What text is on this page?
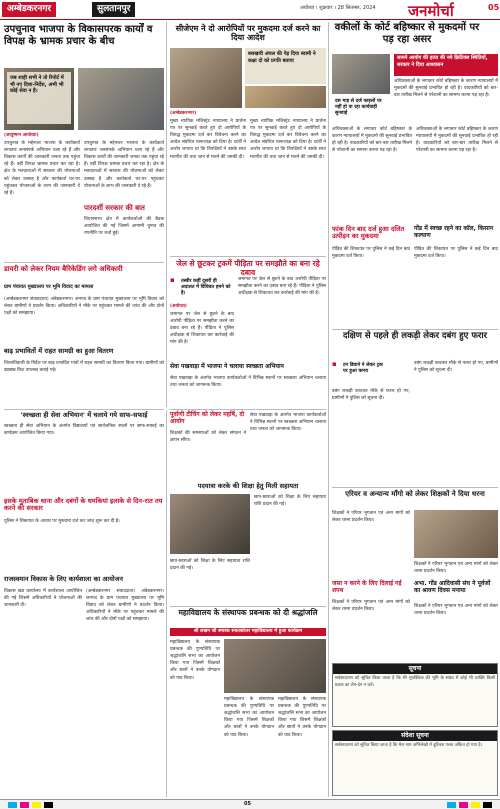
अम्बेडकरनगर	सुलतानपुर	अयोध्या । शुक्रवार । 28 सितम्बर, 2024 जनमोर्चा	05
उपचुनाव भाजपा के विकासपरक कार्यों व विपक्ष के भ्रामक प्रचार के बीच
जब शाही सभी ने तो रिपोर्ट में भी नए दिशा-निर्देश, अभी भी कोई सेवा न है।
(आयुष्मान आयोध्या)
उपचुनाव के मद्देनजर भाजपा के कार्यकर्ता लगातार जनसंपर्क अभियान चला रहे हैं और विकास कार्यों की जानकारी जनता तक पहुंचा रहे हैं। वहीं विपक्ष भ्रामक प्रचार कर रहा है। क्षेत्र के मतदाताओं में सरकार की योजनाओं को लेकर उत्साह है और कार्यकर्ता घर-घर पहुंचकर योजनाओं के लाभ की जानकारी दे रहे हैं।
उपचुनाव के मद्देनजर भाजपा के कार्यकर्ता लगातार जनसंपर्क अभियान चला रहे हैं और विकास कार्यों की जानकारी जनता तक पहुंचा रहे हैं। वहीं विपक्ष भ्रामक प्रचार कर रहा है। क्षेत्र के मतदाताओं में सरकार की योजनाओं को लेकर उत्साह है और कार्यकर्ता घर-घर पहुंचकर योजनाओं के लाभ की जानकारी दे रहे हैं।
पारदर्शी सरकार की बात
विधानसभा क्षेत्र में कार्यकर्ताओं की बैठक आयोजित की गई जिसमें आगामी चुनाव की रणनीति पर चर्चा हुई।
डायरी को लेकर नियम बैरिकेडिंग लगे अधिकारी
ग्राम पंचायत मुख्यालय पर भूमि विवाद का मामला
(अम्बेडकरनगर संवाददाता) अंबेडकरनगर। जनपद के ग्राम पंचायत मुख्यालय पर भूमि विवाद को लेकर ग्रामीणों ने प्रदर्शन किया। अधिकारियों ने मौके पर पहुंचकर मामले की जांच की और दोनों पक्षों को समझाया।
बाढ़ प्रभावितों में राहत सामग्री का हुआ वितरण
जिलाधिकारी के निर्देश पर बाढ़ प्रभावित गांवों में राहत सामग्री का वितरण किया गया। ग्रामीणों को खाद्यान्न किट उपलब्ध कराई गई।
'स्वच्छता ही सेवा अभियान' में चलाये गये साफ-सफाई
स्वच्छता ही सेवा अभियान के अंतर्गत विद्यालयों एवं सार्वजनिक स्थलों पर साफ-सफाई का कार्यक्रम आयोजित किया गया।
इसके मुताबिक थाना और दबंगों के धमकियां इलाके से दिन-रात तय करने की सरकार
पुलिस ने शिकायत के आधार पर मुकदमा दर्ज कर जांच शुरू कर दी है।
राजस्वमान विकास के लिए कार्यशाला का आयोजन
विकास खंड कार्यालय में कार्यशाला आयोजित की गई जिसमें अधिकारियों ने योजनाओं की जानकारी दी।
(अम्बेडकरनगर संवाददाता) अंबेडकरनगर। जनपद के ग्राम पंचायत मुख्यालय पर भूमि विवाद को लेकर ग्रामीणों ने प्रदर्शन किया। अधिकारियों ने मौके पर पहुंचकर मामले की जांच की और दोनों पक्षों को समझाया।
सीजेएम ने दो आरोपियों पर मुकदमा दर्ज करने का दिया आदेश
बसखारी अंचल की पेड़ दिया स्वामी ने कक्षा दो को प्रगति बताया
(अम्बेडकरनगर)
मुख्य न्यायिक मजिस्ट्रेट न्यायालय ने प्रार्थना पत्र पर सुनवाई करते हुए दो आरोपियों के विरुद्ध मुकदमा दर्ज कर विवेचना करने का आदेश संबंधित थानाध्यक्ष को दिया है। प्रार्थी ने आरोप लगाया था कि विपक्षियों ने उसके साथ मारपीट की तथा जान से मारने की धमकी दी।
मुख्य न्यायिक मजिस्ट्रेट न्यायालय ने प्रार्थना पत्र पर सुनवाई करते हुए दो आरोपियों के विरुद्ध मुकदमा दर्ज कर विवेचना करने का आदेश संबंधित थानाध्यक्ष को दिया है। प्रार्थी ने आरोप लगाया था कि विपक्षियों ने उसके साथ मारपीट की तथा जान से मारने की धमकी दी।
जेल से छूटकर ट्रकमें पीड़िता पर समझौते का बना रहे दबाव
▪	तस्वीर कहीं दूसरी ही अदालत में विधिवत हमने को है।
(अयोध्या)
जमानत पर जेल से छूटने के बाद आरोपी पीड़िता पर समझौता करने का दबाव बना रहे हैं। पीड़िता ने पुलिस अधीक्षक से शिकायत कर कार्रवाई की मांग की है।
जमानत पर जेल से छूटने के बाद आरोपी पीड़िता पर समझौता करने का दबाव बना रहे हैं। पीड़िता ने पुलिस अधीक्षक से शिकायत कर कार्रवाई की मांग की है।
सेवा पखवाड़ा में भाजपा ने चलाया स्वच्छता अभियान
सेवा पखवाड़ा के अंतर्गत भाजपा कार्यकर्ताओं ने विभिन्न स्थानों पर स्वच्छता अभियान चलाया तथा जनता को जागरूक किया।
पूर्वाणी टीचिंग को लेकर महर्षि, दो आयोग
शिक्षकों की समस्याओं को लेकर संगठन ने ज्ञापन सौंपा।
सेवा पखवाड़ा के अंतर्गत भाजपा कार्यकर्ताओं ने विभिन्न स्थानों पर स्वच्छता अभियान चलाया तथा जनता को जागरूक किया।
पदयात्रा करके की शिक्षा हेतु मिली सहायता
छात्र-छात्राओं को शिक्षा के लिए सहायता राशि प्रदान की गई।
छात्र-छात्राओं को शिक्षा के लिए सहायता राशि प्रदान की गई।
महाविद्यालय के संस्थापक प्रबन्धक को दी श्रद्धांजलि
श्री लखन जी स्मारक स्नातकोत्तर महाविद्यालय में हुआ कार्यक्रम
महाविद्यालय के संस्थापक प्रबन्धक की पुण्यतिथि पर श्रद्धांजलि सभा का आयोजन किया गया जिसमें शिक्षकों और छात्रों ने उनके योगदान को याद किया।
महाविद्यालय के संस्थापक प्रबन्धक की पुण्यतिथि पर श्रद्धांजलि सभा का आयोजन किया गया जिसमें शिक्षकों और छात्रों ने उनके योगदान को याद किया।
महाविद्यालय के संस्थापक प्रबन्धक की पुण्यतिथि पर श्रद्धांजलि सभा का आयोजन किया गया जिसमें शिक्षकों और छात्रों ने उनके योगदान को याद किया।
वकीलों के कोर्ट बहिष्कार से मुकदमों पर पड़ रहा असर
दस माह से दर्ज फाइलों पर नहीं हो पा रहा कार्यवाही सुनवाई
सामने आयोग की हत्या की नये क्रिटिक्स स्थितियों, सरकार ने दिया आश्वासन
अधिवक्ताओं के लगातार कोर्ट बहिष्कार के कारण न्यायालयों में मुकदमों की सुनवाई प्रभावित हो रही है। वादकारियों को बार-बार तारीख मिलने से परेशानी का सामना करना पड़ रहा है।
अधिवक्ताओं के लगातार कोर्ट बहिष्कार के कारण न्यायालयों में मुकदमों की सुनवाई प्रभावित हो रही है। वादकारियों को बार-बार तारीख मिलने से परेशानी का सामना करना पड़ रहा है।
अधिवक्ताओं के लगातार कोर्ट बहिष्कार के कारण न्यायालयों में मुकदमों की सुनवाई प्रभावित हो रही है। वादकारियों को बार-बार तारीख मिलने से परेशानी का सामना करना पड़ रहा है।
फांक दिन बाद दर्ज हुआ दलित उत्पीड़न का मुकदमा
पीड़ित की शिकायत पर पुलिस ने कई दिन बाद मुकदमा दर्ज किया।
गोंड में स्वच्छ रहने का कॉल, किसान कल्याण
पीड़ित की शिकायत पर पुलिस ने कई दिन बाद मुकदमा दर्ज किया।
दक्षिण से पहले ही लकड़ी लेकर दबंग हुए फरार
▪	टन डिवाने ने लेकर ट्रक पर हुआ कमरा
दबंग लकड़ी काटकर मौके से फरार हो गए, ग्रामीणों ने पुलिस को सूचना दी।
दबंग लकड़ी काटकर मौके से फरार हो गए, ग्रामीणों ने पुलिस को सूचना दी।
एरियर व अन्यान्य माँगो को लेकर शिक्षकों ने दिया धरना
शिक्षकों ने एरियर भुगतान एवं अन्य मांगों को लेकर धरना प्रदर्शन किया।
शिक्षकों ने एरियर भुगतान एवं अन्य मांगों को लेकर धरना प्रदर्शन किया।
जसा न करने के लिए दिलाई गई शपथ
शिक्षकों ने एरियर भुगतान एवं अन्य मांगों को लेकर धरना प्रदर्शन किया।
अभा. गोंड आदिवासी संघ ने पूर्वजों का श्रावण दिवस मनाया
शिक्षकों ने एरियर भुगतान एवं अन्य मांगों को लेकर धरना प्रदर्शन किया।
सूचना
सर्वसाधारण को सूचित किया जाता है कि मेरे मुवक्किल की भूमि के संबंध में कोई भी व्यक्ति किसी प्रकार का लेन-देन न करें।
संदेशा सूचना
सर्वसाधारण को सूचित किया जाता है कि मेरा नाम अभिलेखों में त्रुटिवश गलत अंकित हो गया है।
05
